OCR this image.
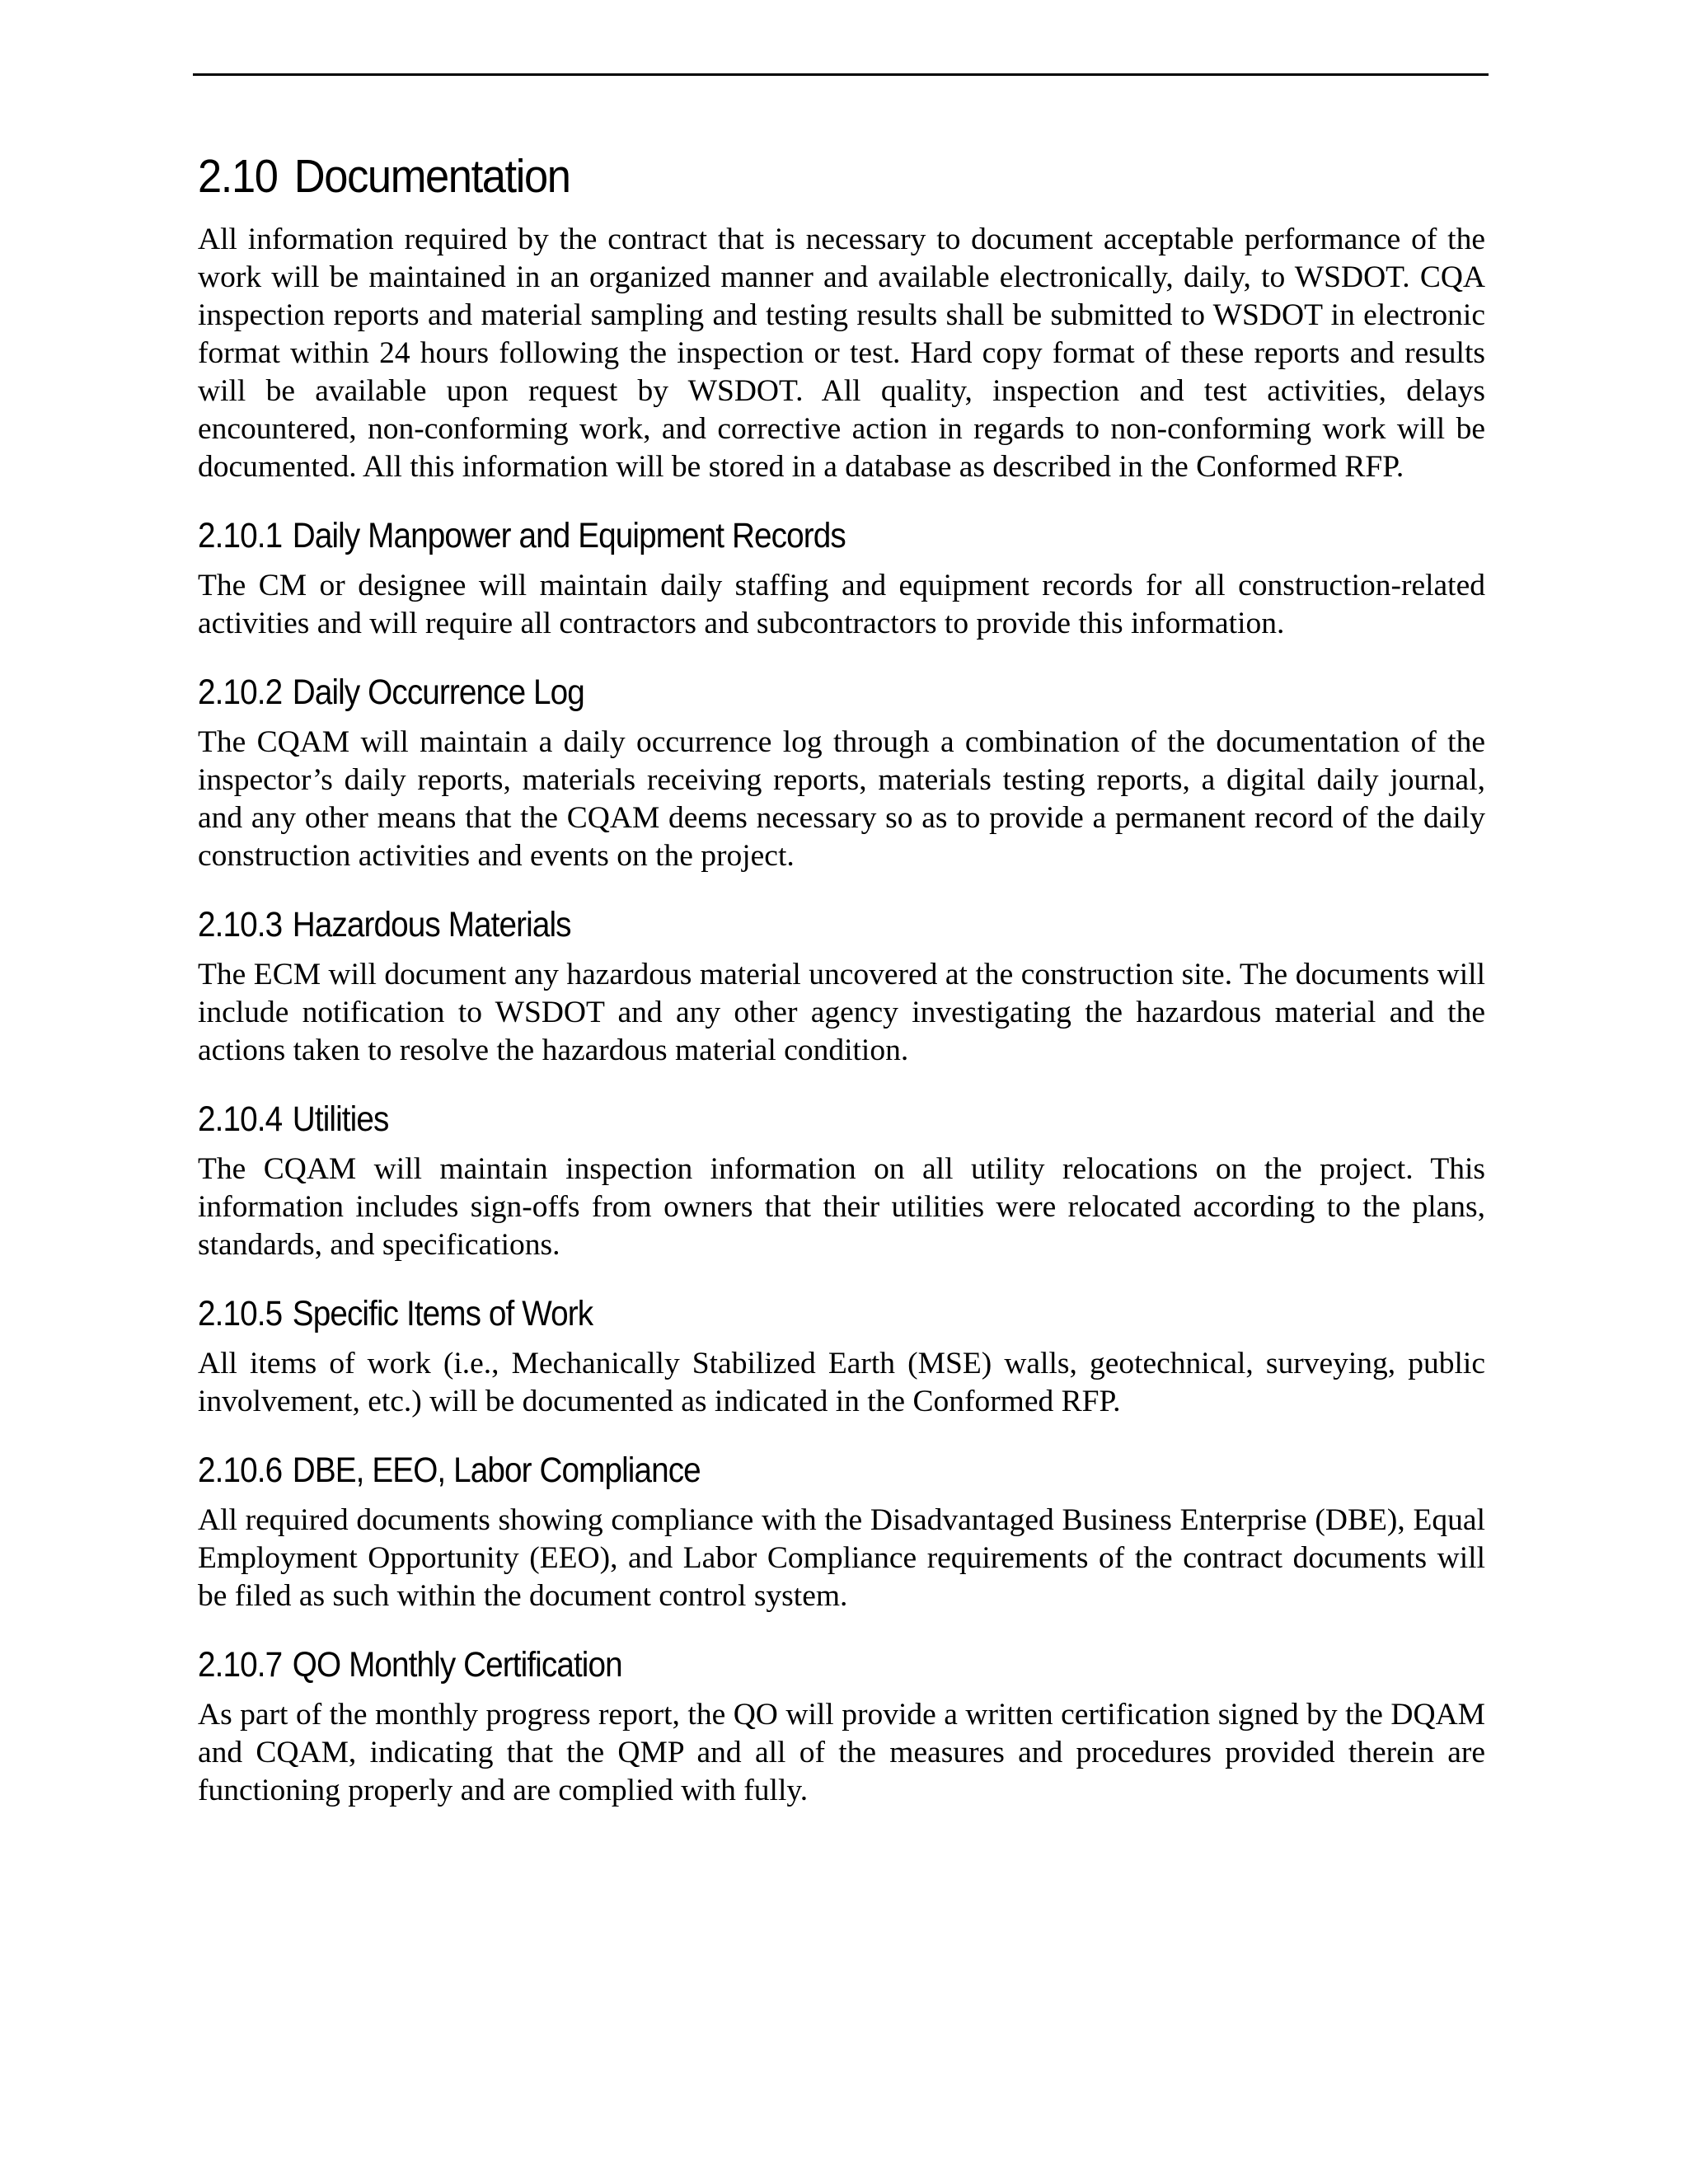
2.10 Documentation

All information required by the contract that is necessary to document acceptable performance of the work will be maintained in an organized manner and available electronically, daily, to WSDOT. CQA inspection reports and material sampling and testing results shall be submitted to WSDOT in electronic format within 24 hours following the inspection or test. Hard copy format of these reports and results will be available upon request by WSDOT. All quality, inspection and test activities, delays encountered, non-conforming work, and corrective action in regards to non-conforming work will be documented. All this information will be stored in a database as described in the Conformed RFP.

2.10.1 Daily Manpower and Equipment Records

The CM or designee will maintain daily staffing and equipment records for all construction-related activities and will require all contractors and subcontractors to provide this information.

2.10.2 Daily Occurrence Log

The CQAM will maintain a daily occurrence log through a combination of the documentation of the inspector’s daily reports, materials receiving reports, materials testing reports, a digital daily journal, and any other means that the CQAM deems necessary so as to provide a permanent record of the daily construction activities and events on the project.

2.10.3 Hazardous Materials

The ECM will document any hazardous material uncovered at the construction site. The documents will include notification to WSDOT and any other agency investigating the hazardous material and the actions taken to resolve the hazardous material condition.

2.10.4 Utilities

The CQAM will maintain inspection information on all utility relocations on the project. This information includes sign-offs from owners that their utilities were relocated according to the plans, standards, and specifications.

2.10.5 Specific Items of Work

All items of work (i.e., Mechanically Stabilized Earth (MSE) walls, geotechnical, surveying, public involvement, etc.) will be documented as indicated in the Conformed RFP.

2.10.6 DBE, EEO, Labor Compliance

All required documents showing compliance with the Disadvantaged Business Enterprise (DBE), Equal Employment Opportunity (EEO), and Labor Compliance requirements of the contract documents will be filed as such within the document control system.

2.10.7 QO Monthly Certification

As part of the monthly progress report, the QO will provide a written certification signed by the DQAM and CQAM, indicating that the QMP and all of the measures and procedures provided therein are functioning properly and are complied with fully.
